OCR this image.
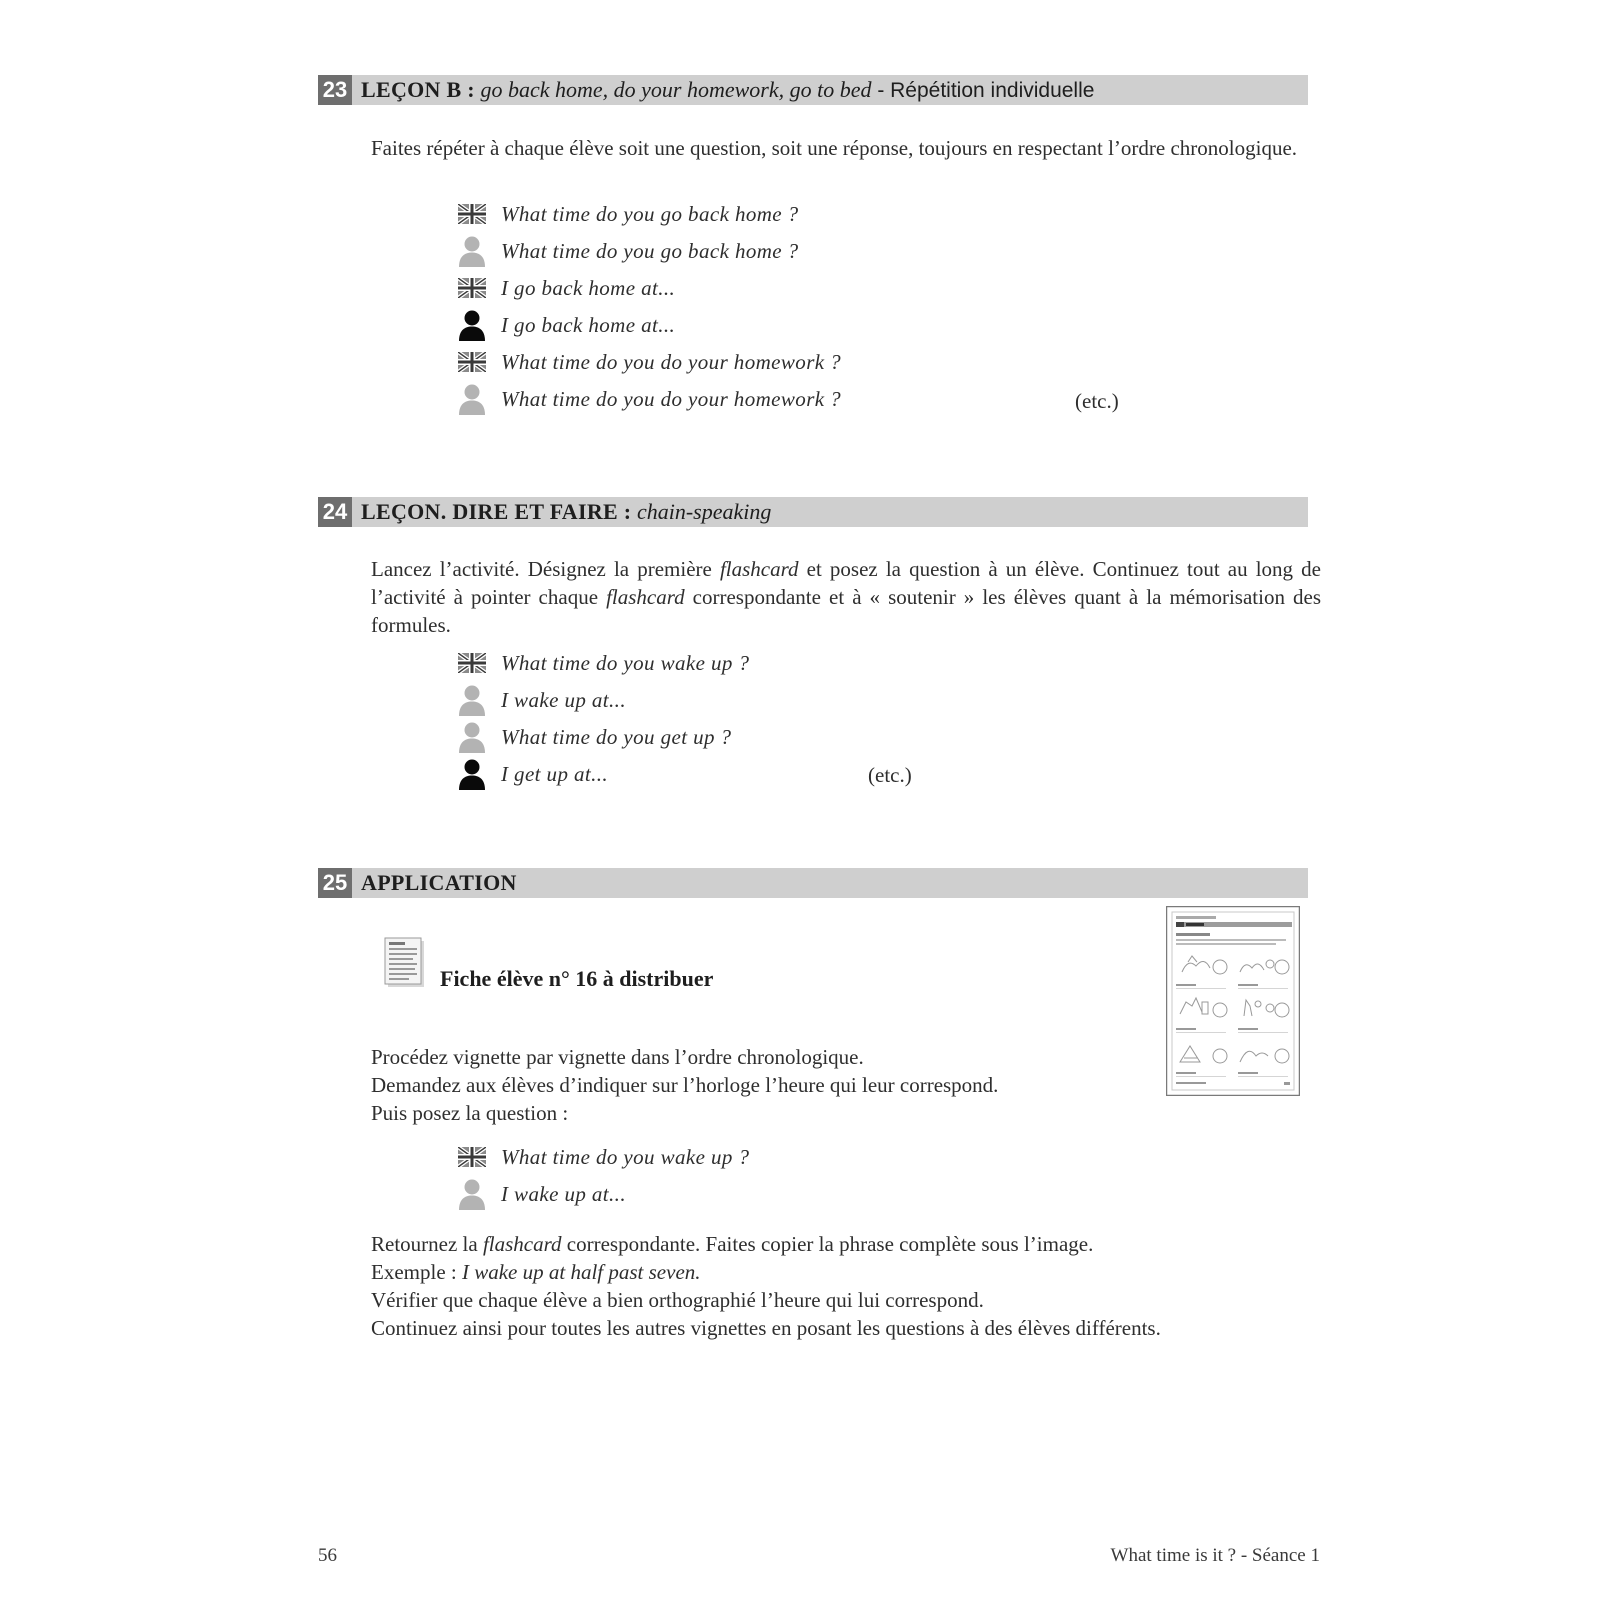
23 LEÇON B : go back home, do your homework, go to bed - Répétition individuelle

Faites répéter à chaque élève soit une question, soit une réponse, toujours en respectant l’ordre chronologique.

What time do you go back home ?
What time do you go back home ?
I go back home at...
I go back home at...
What time do you do your homework ?
What time do you do your homework ?	(etc.)
24 LEÇON. DIRE ET FAIRE : chain-speaking

Lancez l’activité. Désignez la première flashcard et posez la question à un élève. Continuez tout au long de l’activité à pointer chaque flashcard correspondante et à « soutenir » les élèves quant à la mémorisation des formules.

What time do you wake up ?
I wake up at...
What time do you get up ?
I get up at...	(etc.)
25 APPLICATION
Fiche élève n° 16 à distribuer

Procédez vignette par vignette dans l’ordre chronologique.

Demandez aux élèves d’indiquer sur l’horloge l’heure qui leur correspond.

Puis posez la question :

What time do you wake up ?
I wake up at...

Retournez la flashcard correspondante. Faites copier la phrase complète sous l’image.

Exemple : I wake up at half past seven.

Vérifier que chaque élève a bien orthographié l’heure qui lui correspond.

Continuez ainsi pour toutes les autres vignettes en posant les questions à des élèves différents.

56	What time is it ? - Séance 1
